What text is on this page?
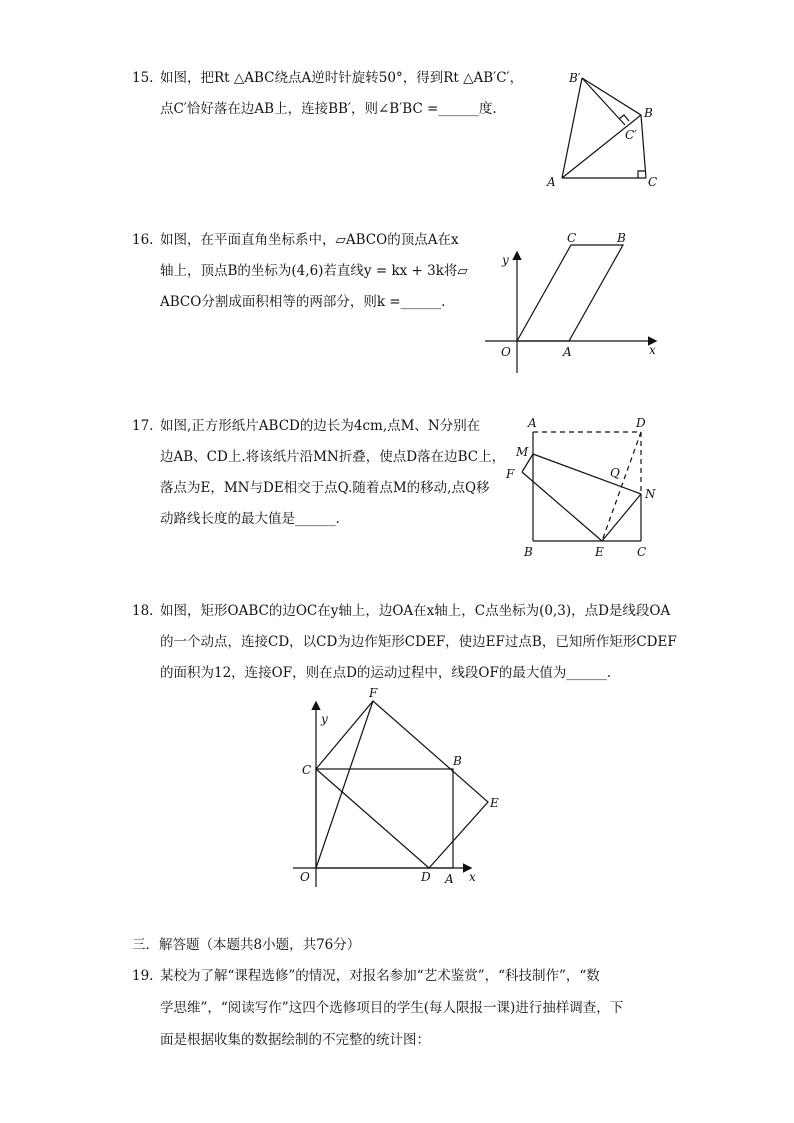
15. 如图，把Rt △ABC绕点A逆时针旋转50°，得到Rt △AB′C′，
点C′恰好落在边AB上，连接BB′，则∠B′BC =______度.
B′
B
C′
A	C
16. 如图，在平面直角坐标系中，▱ABCO的顶点A在x
轴上，顶点B的坐标为(4,6)若直线y = kx + 3k将▱
ABCO分割成面积相等的两部分，则k =______.
C	B
y
O	A	x
17. 如图,正方形纸片ABCD的边长为4cm,点M、N分别在
边AB、CD上.将该纸片沿MN折叠，使点D落在边BC上，
落点为E，MN与DE相交于点Q.随着点M的移动,点Q移
动路线长度的最大值是______.
A	D
M
F	Q
N
B	E	C
18. 如图，矩形OABC的边OC在y轴上，边OA在x轴上，C点坐标为(0,3)，点D是线段OA
的一个动点，连接CD，以CD为边作矩形CDEF，使边EF过点B，已知所作矩形CDEF
的面积为12，连接OF，则在点D的运动过程中，线段OF的最大值为______.
F
y
C
B
E
O	D A x
三．解答题（本题共8小题，共76分）
19. 某校为了解“课程选修”的情况，对报名参加“艺术鉴赏”，“科技制作”，“数
学思维”，“阅读写作”这四个选修项目的学生(每人限报一课)进行抽样调查，下
面是根据收集的数据绘制的不完整的统计图：
